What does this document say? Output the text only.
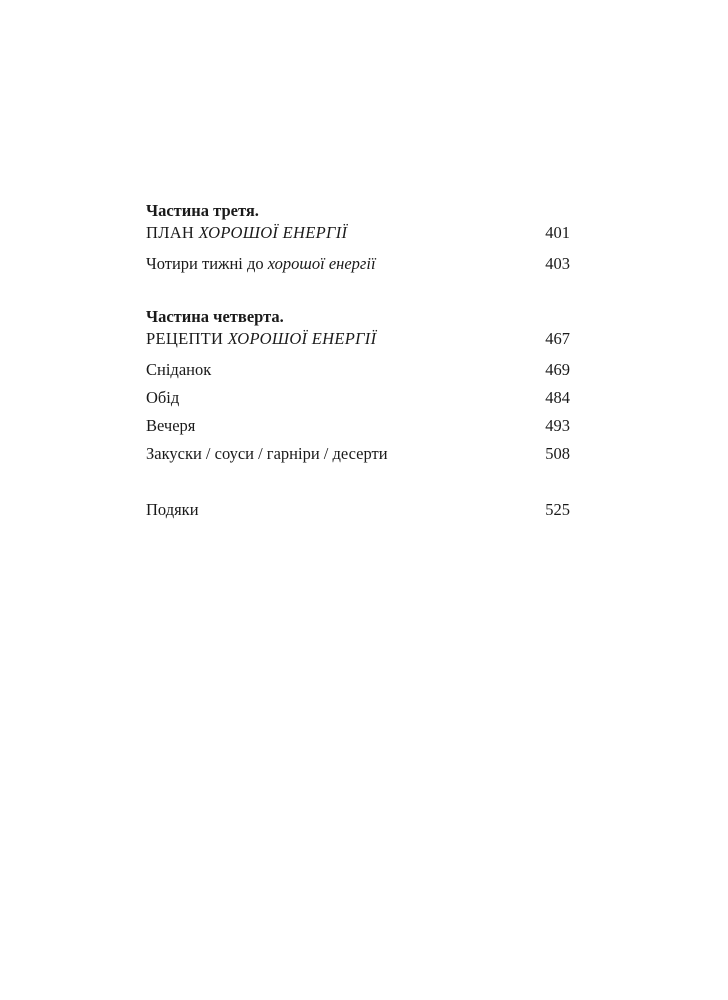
Частина третя.
ПЛАН ХОРОШОЇ ЕНЕРГІЇ	401
Чотири тижні до хорошої енергії	403
Частина четверта.
РЕЦЕПТИ ХОРОШОЇ ЕНЕРГІЇ	467
Сніданок	469
Обід	484
Вечеря	493
Закуски / соуси / гарніри / десерти	508
Подяки	525
